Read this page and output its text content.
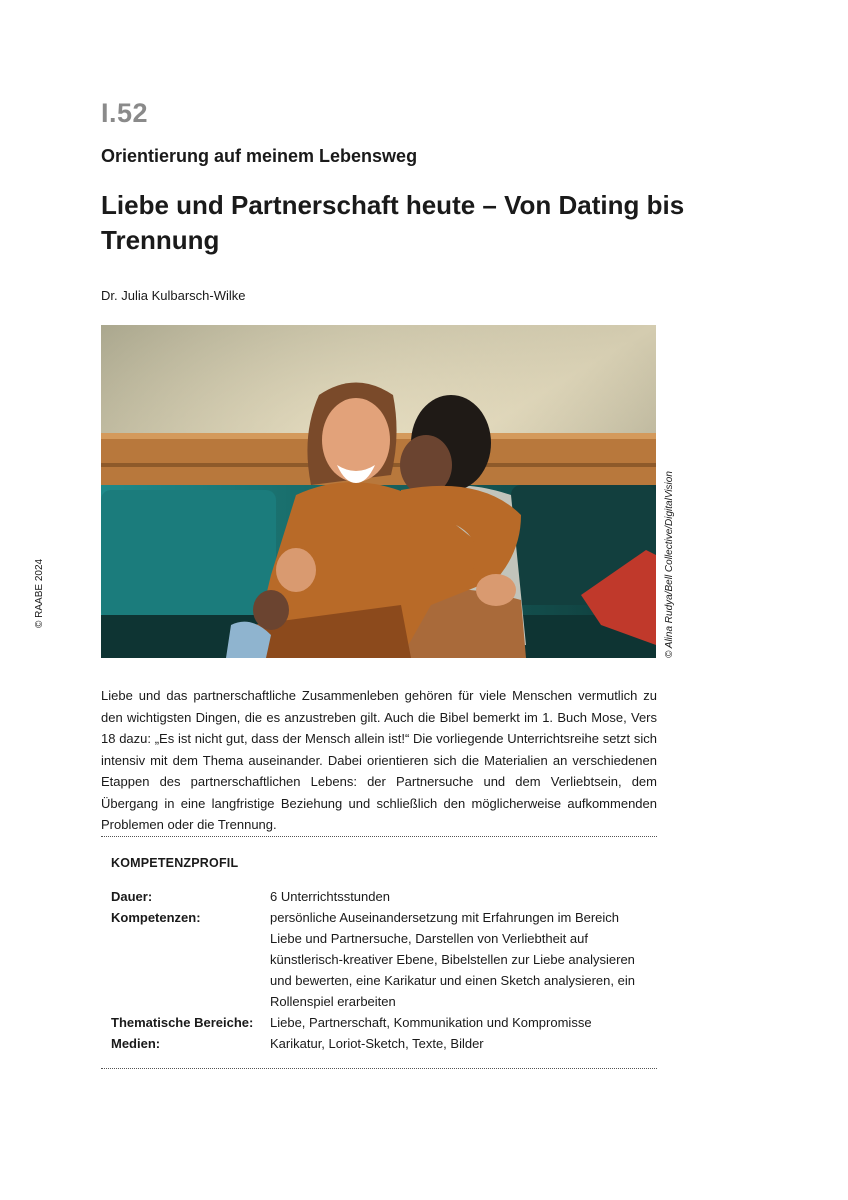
I.52
Orientierung auf meinem Lebensweg
Liebe und Partnerschaft heute – Von Dating bis Trennung
Dr. Julia Kulbarsch-Wilke
© RAABE 2024	© Alina Rudya/Bell Collective/DigitalVision

Liebe und das partnerschaftliche Zusammenleben gehören für viele Menschen vermutlich zu den wichtigsten Dingen, die es anzustreben gilt. Auch die Bibel bemerkt im 1. Buch Mose, Vers 18 dazu: „Es ist nicht gut, dass der Mensch allein ist!“ Die vorliegende Unterrichtsreihe setzt sich intensiv mit dem Thema auseinander. Dabei orientieren sich die Materialien an verschiedenen Etappen des partnerschaftlichen Lebens: der Partnersuche und dem Verliebtsein, dem Übergang in eine langfristige Beziehung und schließlich den möglicherweise aufkommenden Problemen oder die Trennung.

KOMPETENZPROFIL
Dauer:	6 Unterrichtsstunden
Kompetenzen:	persönliche Auseinandersetzung mit Erfahrungen im Bereich Liebe und Partnersuche, Darstellen von Verliebtheit auf künstlerisch-kreativer Ebene, Bibelstellen zur Liebe analysieren und bewerten, eine Karikatur und einen Sketch analysieren, ein Rollenspiel erarbeiten
Thematische Bereiche:	Liebe, Partnerschaft, Kommunikation und Kompromisse
Medien:	Karikatur, Loriot-Sketch, Texte, Bilder
